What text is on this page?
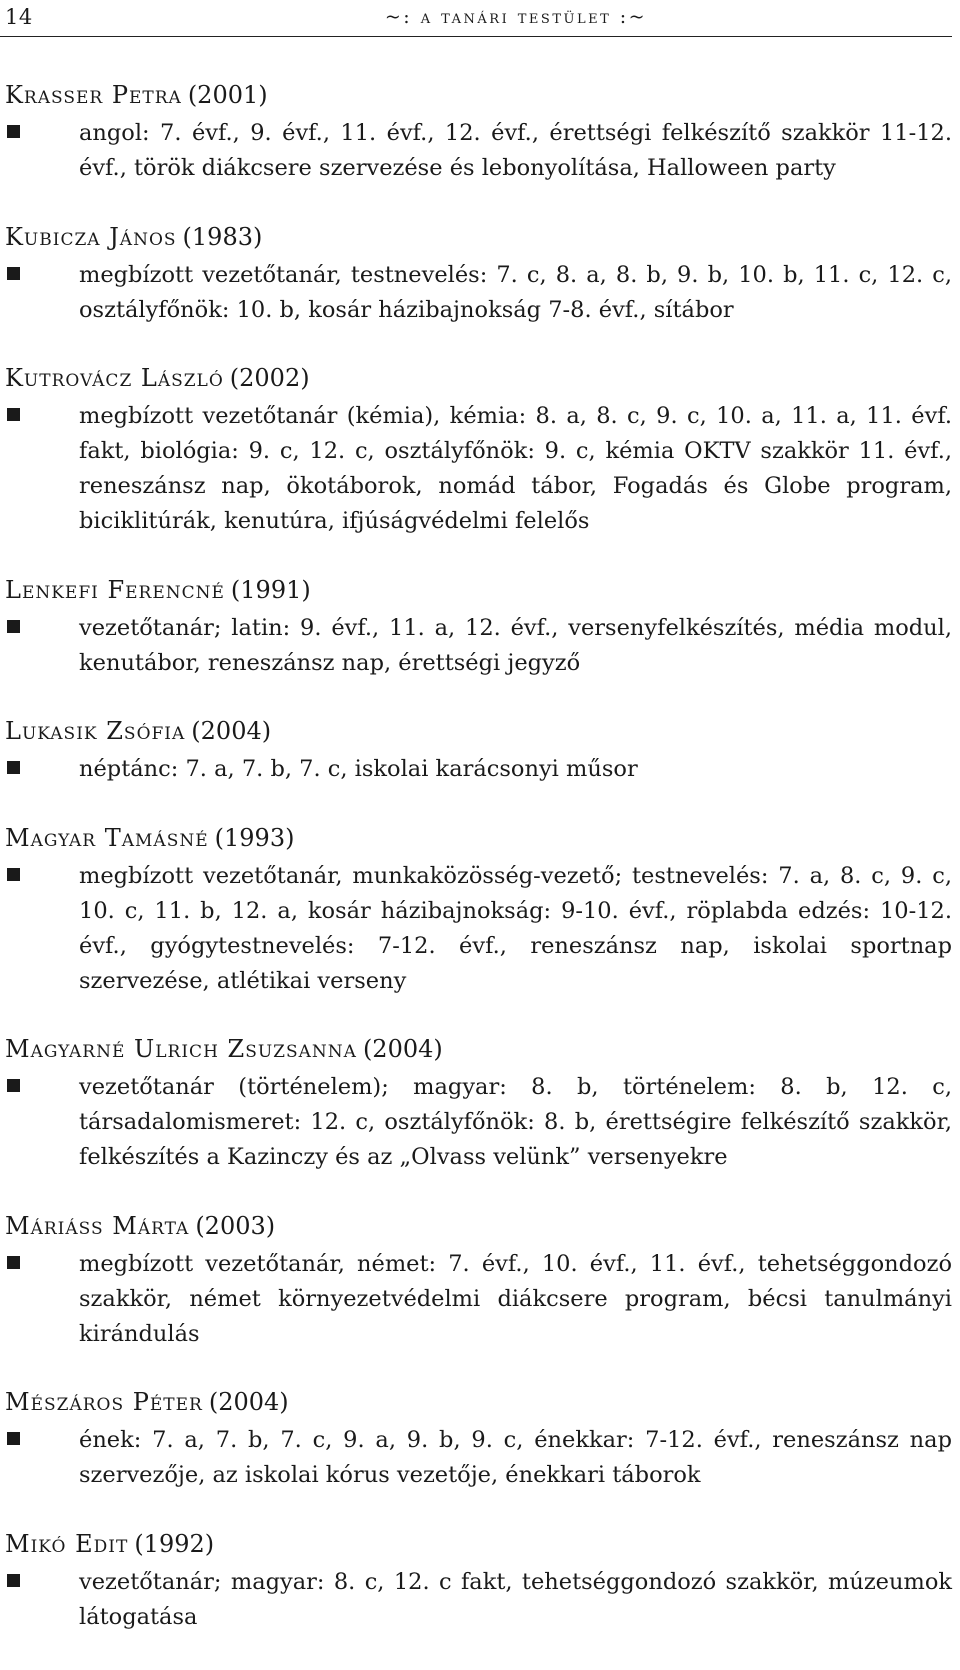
14	~: a tanári testület :~
Krasser Petra (2001)
angol: 7. évf., 9. évf., 11. évf., 12. évf., érettségi felkészítő szakkör 11-12. évf., török diákcsere szervezése és lebonyolítása, Halloween party
Kubicza János (1983)
megbízott vezetőtanár, testnevelés: 7. c, 8. a, 8. b, 9. b, 10. b, 11. c, 12. c, osztályfőnök: 10. b, kosár házibajnokság 7-8. évf., sítábor
Kutrovácz László (2002)
megbízott vezetőtanár (kémia), kémia: 8. a, 8. c, 9. c, 10. a, 11. a, 11. évf. fakt, biológia: 9. c, 12. c, osztályfőnök: 9. c, kémia OKTV szakkör 11. évf., reneszánsz nap, ökotáborok, nomád tábor, Fogadás és Globe program, biciklitúrák, kenutúra, ifjúságvédelmi felelős
Lenkefi Ferencné (1991)
vezetőtanár; latin: 9. évf., 11. a, 12. évf., versenyfelkészítés, média modul, kenutábor, reneszánsz nap, érettségi jegyző
Lukasik Zsófia (2004)
néptánc: 7. a, 7. b, 7. c, iskolai karácsonyi műsor
Magyar Tamásné (1993)
megbízott vezetőtanár, munkaközösség-vezető; testnevelés: 7. a, 8. c, 9. c, 10. c, 11. b, 12. a, kosár házibajnokság: 9-10. évf., röplabda edzés: 10-12. évf., gyógytestnevelés: 7-12. évf., reneszánsz nap, iskolai sportnap szervezése, atlétikai verseny
Magyarné Ulrich Zsuzsanna (2004)
vezetőtanár (történelem); magyar: 8. b, történelem: 8. b, 12. c, társadalomismeret: 12. c, osztályfőnök: 8. b, érettségire felkészítő szakkör, felkészítés a Kazinczy és az „Olvass velünk” versenyekre
Máriáss Márta (2003)
megbízott vezetőtanár, német: 7. évf., 10. évf., 11. évf., tehetséggondozó szakkör, német környezetvédelmi diákcsere program, bécsi tanulmányi kirándulás
Mészáros Péter (2004)
ének: 7. a, 7. b, 7. c, 9. a, 9. b, 9. c, énekkar: 7-12. évf., reneszánsz nap szervezője, az iskolai kórus vezetője, énekkari táborok
Mikó Edit (1992)
vezetőtanár; magyar: 8. c, 12. c fakt, tehetséggondozó szakkör, múzeumok látogatása
